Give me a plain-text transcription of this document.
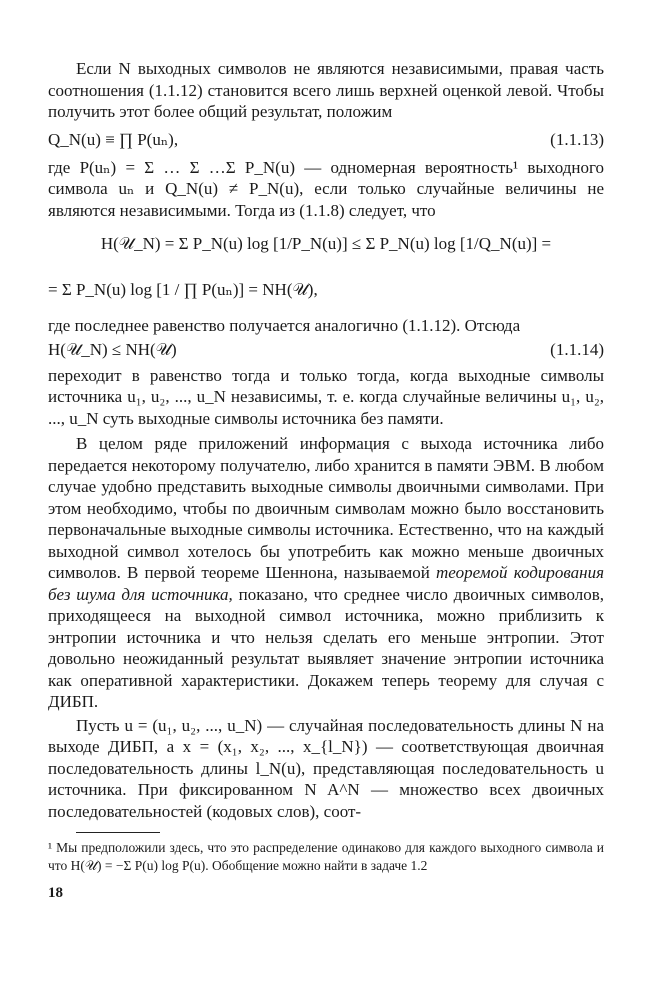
Если N выходных символов не являются независимыми, правая часть соотношения (1.1.12) становится всего лишь верхней оценкой левой. Чтобы получить этот более общий результат, положим

Q_N(u) ≡ ∏ P(uₙ),	(1.1.13)

где P(uₙ) = Σ … Σ …Σ P_N(u) — одномерная вероятность¹ выходного символа uₙ и Q_N(u) ≠ P_N(u), если только случайные величины не являются независимыми. Тогда из (1.1.8) следует, что

H(𝒰_N) = Σ P_N(u) log [1/P_N(u)] ≤ Σ P_N(u) log [1/Q_N(u)] =
= Σ P_N(u) log [1 / ∏ P(uₙ)] = NH(𝒰),

где последнее равенство получается аналогично (1.1.12). Отсюда

H(𝒰_N) ≤ NH(𝒰)	(1.1.14)

переходит в равенство тогда и только тогда, когда выходные символы источника u₁, u₂, ..., u_N независимы, т. е. когда случайные величины u₁, u₂, ..., u_N суть выходные символы источника без памяти.

В целом ряде приложений информация с выхода источника либо передается некоторому получателю, либо хранится в памяти ЭВМ. В любом случае удобно представить выходные символы двоичными символами. При этом необходимо, чтобы по двоичным символам можно было восстановить первоначальные выходные символы источника. Естественно, что на каждый выходной символ хотелось бы употребить как можно меньше двоичных символов. В первой теореме Шеннона, называемой теоремой кодирования без шума для источника, показано, что среднее число двоичных символов, приходящееся на выходной символ источника, можно приблизить к энтропии источника и что нельзя сделать его меньше энтропии. Этот довольно неожиданный результат выявляет значение энтропии источника как оперативной характеристики. Докажем теперь теорему для случая с ДИБП.

Пусть u = (u₁, u₂, ..., u_N) — случайная последовательность длины N на выходе ДИБП, а x = (x₁, x₂, ..., x_{l_N}) — соответствующая двоичная последовательность длины l_N(u), представляющая последовательность u источника. При фиксированном N A^N — множество всех двоичных последовательностей (кодовых слов), соот-

¹ Мы предположили здесь, что это распределение одинаково для каждого выходного символа и что H(𝒰) = −Σ P(u) log P(u). Обобщение можно найти в задаче 1.2

18
